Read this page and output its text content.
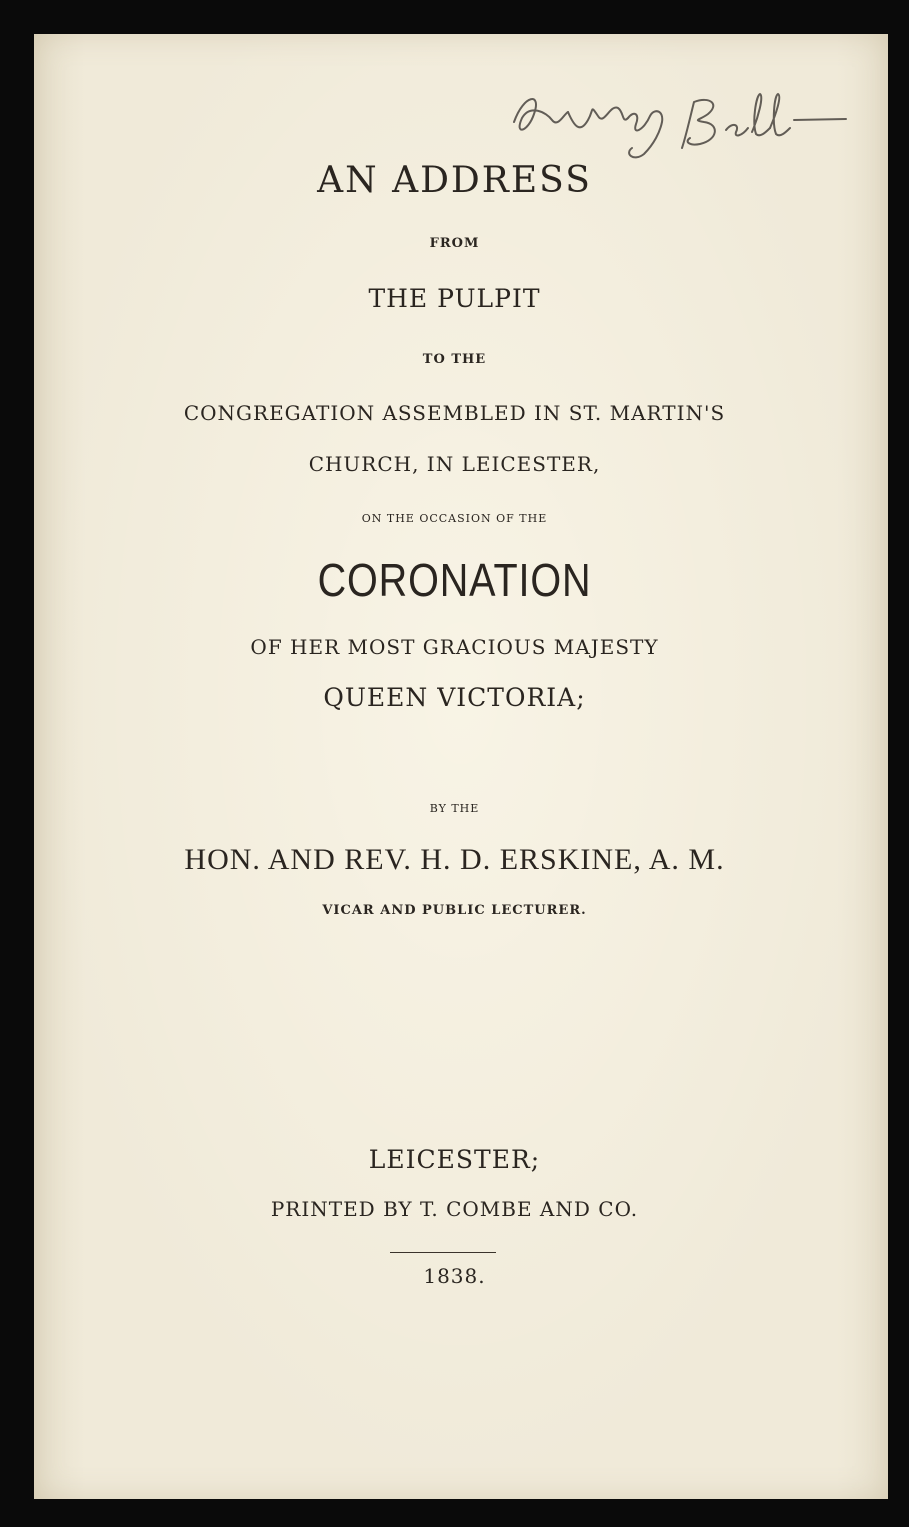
AN ADDRESS
FROM
THE PULPIT
TO THE
CONGREGATION ASSEMBLED IN ST. MARTIN'S
CHURCH, IN LEICESTER,
ON THE OCCASION OF THE
CORONATION
OF HER MOST GRACIOUS MAJESTY
QUEEN VICTORIA;
BY THE
HON. AND REV. H. D. ERSKINE, A. M.
VICAR AND PUBLIC LECTURER.
LEICESTER;
PRINTED BY T. COMBE AND CO.
1838.
